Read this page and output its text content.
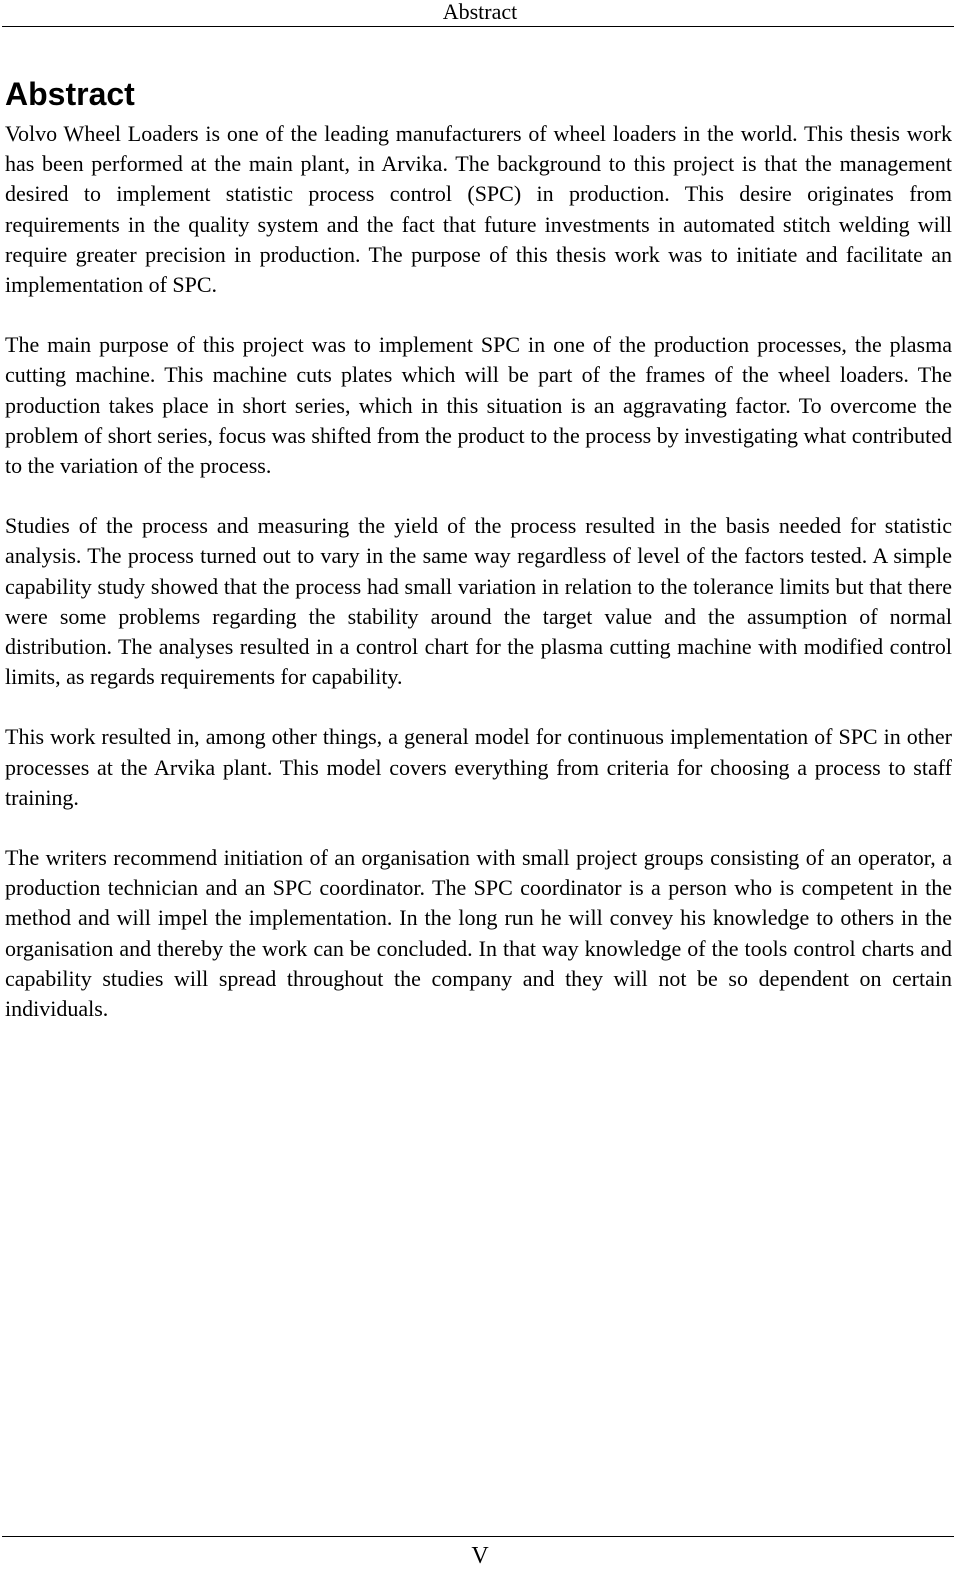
Abstract
Abstract

Volvo Wheel Loaders is one of the leading manufacturers of wheel loaders in the world. This thesis work has been performed at the main plant, in Arvika. The background to this project is that the management desired to implement statistic process control (SPC) in production. This desire originates from requirements in the quality system and the fact that future investments in automated stitch welding will require greater precision in production. The purpose of this thesis work was to initiate and facilitate an implementation of SPC.

The main purpose of this project was to implement SPC in one of the production processes, the plasma cutting machine. This machine cuts plates which will be part of the frames of the wheel loaders. The production takes place in short series, which in this situation is an aggravating factor. To overcome the problem of short series, focus was shifted from the product to the process by investigating what contributed to the variation of the process.

Studies of the process and measuring the yield of the process resulted in the basis needed for statistic analysis. The process turned out to vary in the same way regardless of level of the factors tested. A simple capability study showed that the process had small variation in relation to the tolerance limits but that there were some problems regarding the stability around the target value and the assumption of normal distribution. The analyses resulted in a control chart for the plasma cutting machine with modified control limits, as regards requirements for capability.

This work resulted in, among other things, a general model for continuous implementation of SPC in other processes at the Arvika plant. This model covers everything from criteria for choosing a process to staff training.

The writers recommend initiation of an organisation with small project groups consisting of an operator, a production technician and an SPC coordinator. The SPC coordinator is a person who is competent in the method and will impel the implementation. In the long run he will convey his knowledge to others in the organisation and thereby the work can be concluded. In that way knowledge of the tools control charts and capability studies will spread throughout the company and they will not be so dependent on certain individuals.

V
